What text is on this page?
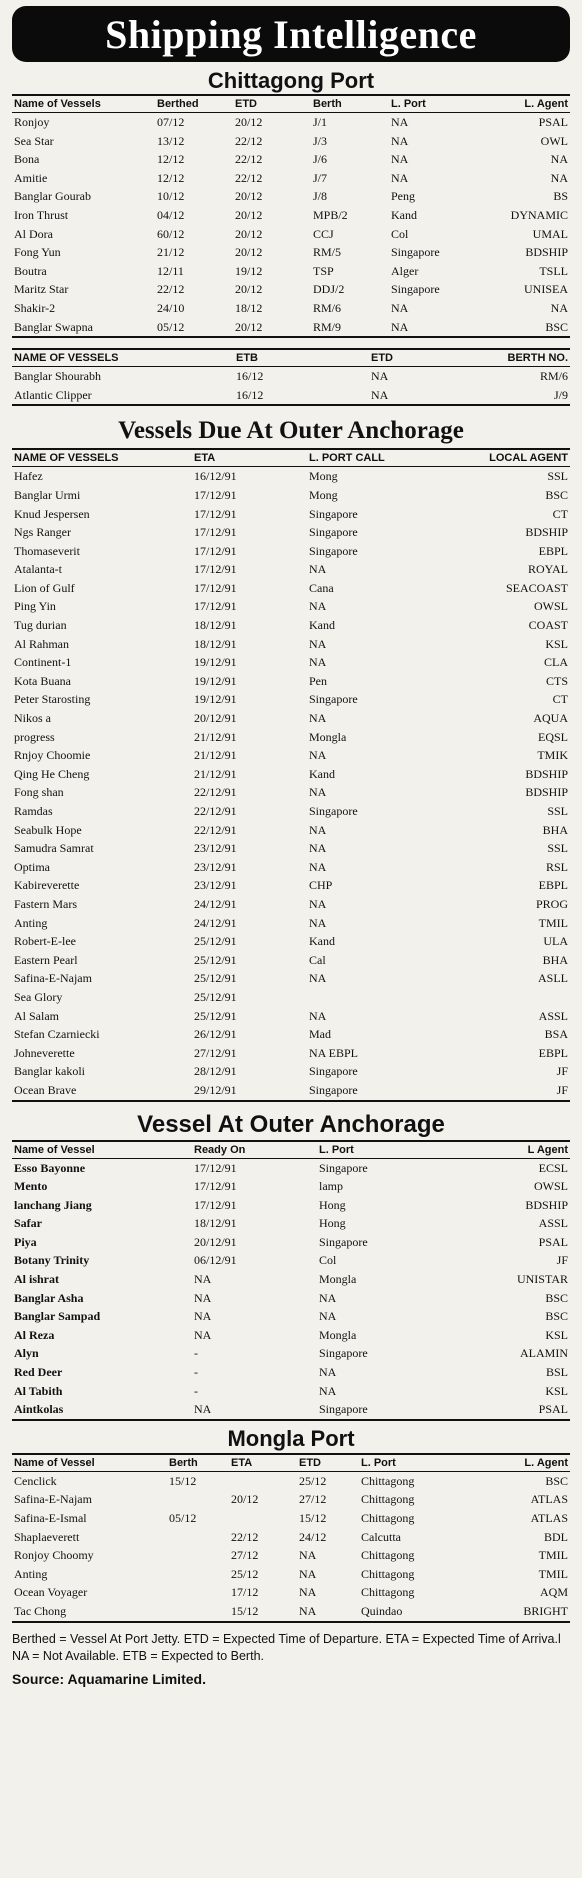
Shipping Intelligence
Chittagong Port
Name of Vessels	Berthed	ETD	Berth	L. Port	L. Agent
Ronjoy	07/12	20/12	J/1	NA	PSAL
Sea Star	13/12	22/12	J/3	NA	OWL
Bona	12/12	22/12	J/6	NA	NA
Amitie	12/12	22/12	J/7	NA	NA
Banglar Gourab	10/12	20/12	J/8	Peng	BS
Iron Thrust	04/12	20/12	MPB/2	Kand	DYNAMIC
Al Dora	60/12	20/12	CCJ	Col	UMAL
Fong Yun	21/12	20/12	RM/5	Singapore	BDSHIP
Boutra	12/11	19/12	TSP	Alger	TSLL
Maritz Star	22/12	20/12	DDJ/2	Singapore	UNISEA
Shakir-2	24/10	18/12	RM/6	NA	NA
Banglar Swapna	05/12	20/12	RM/9	NA	BSC
NAME OF VESSELS	ETB	ETD	BERTH NO.
Banglar Shourabh	16/12	NA	RM/6
Atlantic Clipper	16/12	NA	J/9
Vessels Due At Outer Anchorage
NAME OF VESSELS	ETA	L. PORT CALL	LOCAL AGENT
Hafez	16/12/91	Mong	SSL
Banglar Urmi	17/12/91	Mong	BSC
Knud Jespersen	17/12/91	Singapore	CT
Ngs Ranger	17/12/91	Singapore	BDSHIP
Thomaseverit	17/12/91	Singapore	EBPL
Atalanta-t	17/12/91	NA	ROYAL
Lion of Gulf	17/12/91	Cana	SEACOAST
Ping Yin	17/12/91	NA	OWSL
Tug durian	18/12/91	Kand	COAST
Al Rahman	18/12/91	NA	KSL
Continent-1	19/12/91	NA	CLA
Kota Buana	19/12/91	Pen	CTS
Peter Starosting	19/12/91	Singapore	CT
Nikos a	20/12/91	NA	AQUA
progress	21/12/91	Mongla	EQSL
Rnjoy Choomie	21/12/91	NA	TMIK
Qing He Cheng	21/12/91	Kand	BDSHIP
Fong shan	22/12/91	NA	BDSHIP
Ramdas	22/12/91	Singapore	SSL
Seabulk Hope	22/12/91	NA	BHA
Samudra Samrat	23/12/91	NA	SSL
Optima	23/12/91	NA	RSL
Kabireverette	23/12/91	CHP	EBPL
Fastern Mars	24/12/91	NA	PROG
Anting	24/12/91	NA	TMIL
Robert-E-lee	25/12/91	Kand	ULA
Eastern Pearl	25/12/91	Cal	BHA
Safina-E-Najam	25/12/91	NA	ASLL
Sea Glory	25/12/91		
Al Salam	25/12/91	NA	ASSL
Stefan Czarniecki	26/12/91	Mad	BSA
Johneverette	27/12/91	NA EBPL	EBPL
Banglar kakoli	28/12/91	Singapore	JF
Ocean Brave	29/12/91	Singapore	JF
Vessel At Outer Anchorage
Name of Vessel	Ready On	L. Port	L Agent
Esso Bayonne	17/12/91	Singapore	ECSL
Mento	17/12/91	lamp	OWSL
lanchang Jiang	17/12/91	Hong	BDSHIP
Safar	18/12/91	Hong	ASSL
Piya	20/12/91	Singapore	PSAL
Botany Trinity	06/12/91	Col	JF
Al ishrat	NA	Mongla	UNISTAR
Banglar Asha	NA	NA	BSC
Banglar Sampad	NA	NA	BSC
Al Reza	NA	Mongla	KSL
Alyn	-	Singapore	ALAMIN
Red Deer	-	NA	BSL
Al Tabith	-	NA	KSL
Aintkolas	NA	Singapore	PSAL
Mongla Port
Name of Vessel	Berth	ETA	ETD	L. Port	L. Agent
Cenclick	15/12		25/12	Chittagong	BSC
Safina-E-Najam		20/12	27/12	Chittagong	ATLAS
Safina-E-Ismal	05/12		15/12	Chittagong	ATLAS
Shaplaeverett		22/12	24/12	Calcutta	BDL
Ronjoy Choomy		27/12	NA	Chittagong	TMIL
Anting		25/12	NA	Chittagong	TMIL
Ocean Voyager		17/12	NA	Chittagong	AQM
Tac Chong		15/12	NA	Quindao	BRIGHT
Berthed = Vessel At Port Jetty. ETD = Expected Time of Departure. ETA = Expected Time of Arriva.l NA = Not Available. ETB = Expected to Berth.
Source: Aquamarine Limited.
